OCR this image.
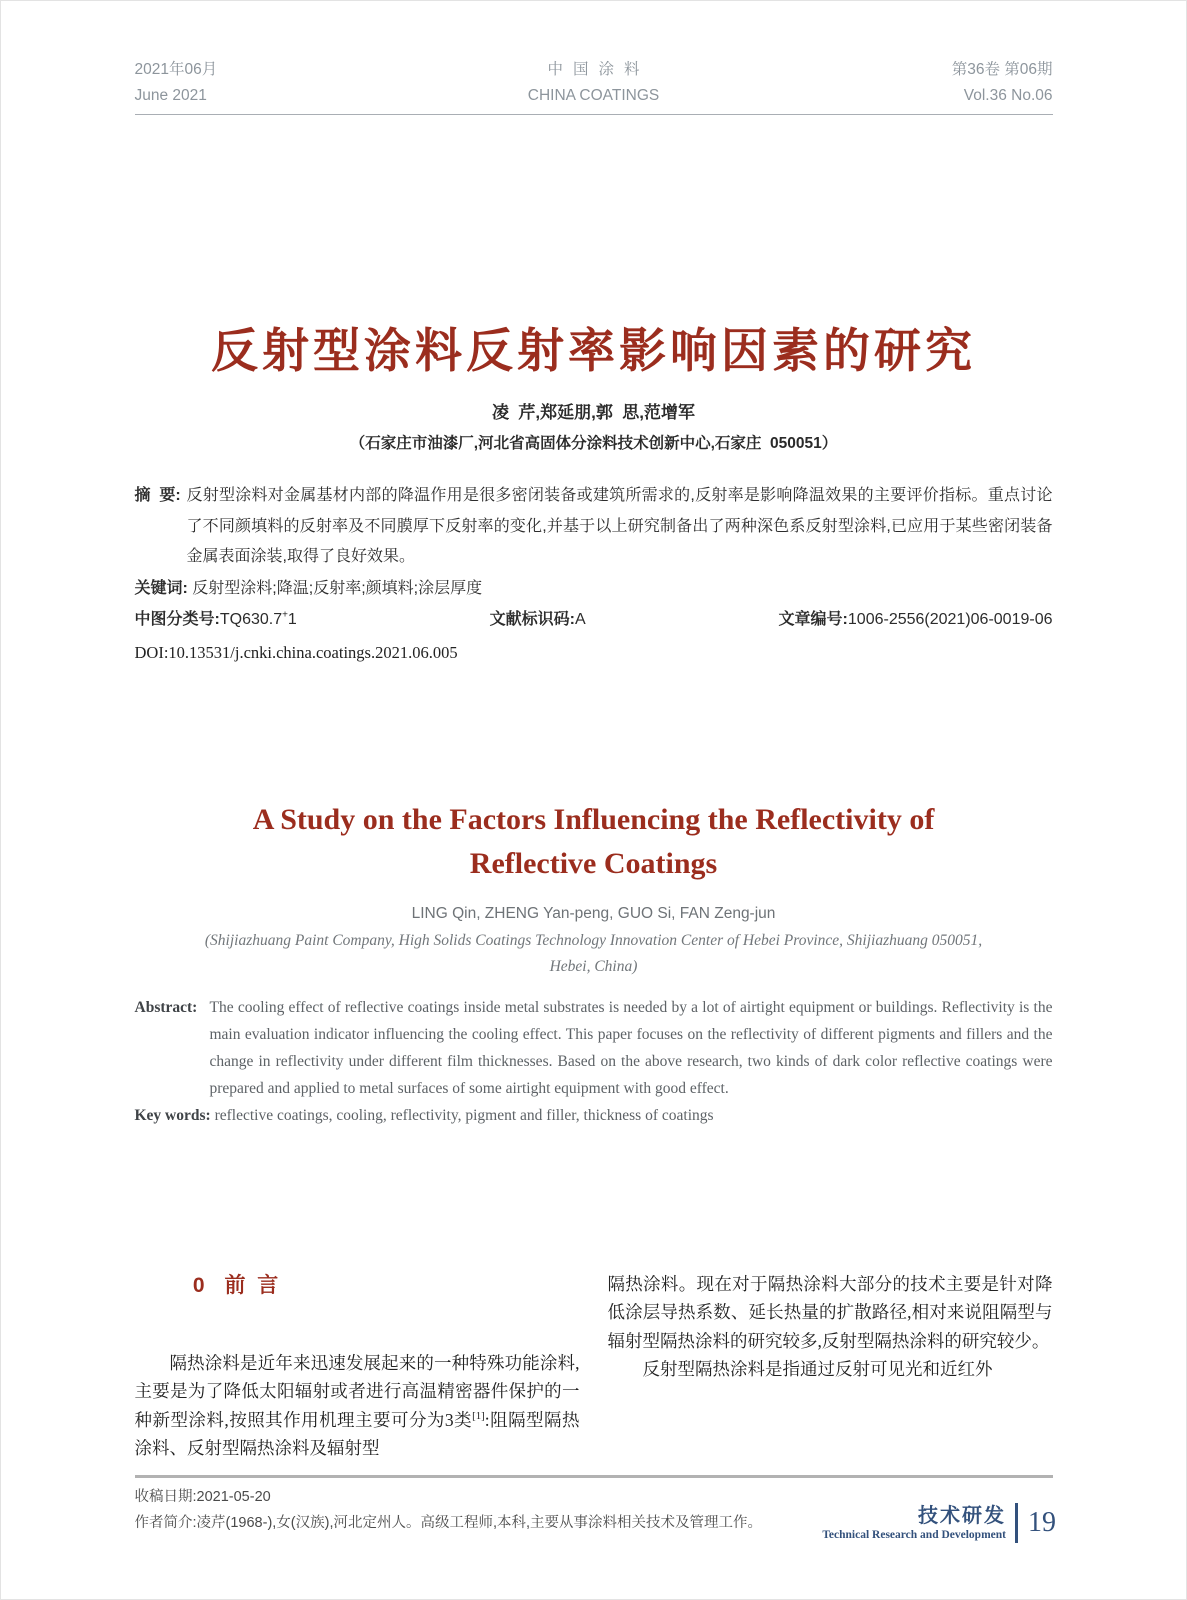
2021年06月
June 2021
中国涂料
CHINA COATINGS
第36卷 第06期
Vol.36 No.06
反射型涂料反射率影响因素的研究
凌  芹,郑延朋,郭  思,范增军
（石家庄市油漆厂,河北省高固体分涂料技术创新中心,石家庄  050051）

摘  要: 反射型涂料对金属基材内部的降温作用是很多密闭装备或建筑所需求的,反射率是影响降温效果的主要评价指标。重点讨论了不同颜填料的反射率及不同膜厚下反射率的变化,并基于以上研究制备出了两种深色系反射型涂料,已应用于某些密闭装备金属表面涂装,取得了良好效果。

关键词: 反射型涂料;降温;反射率;颜填料;涂层厚度

中图分类号:TQ630.7+1	文献标识码:A	文章编号:1006-2556(2021)06-0019-06
DOI:10.13531/j.cnki.china.coatings.2021.06.005
A Study on the Factors Influencing the Reflectivity of
Reflective Coatings
LING Qin, ZHENG Yan-peng, GUO Si, FAN Zeng-jun
(Shijiazhuang Paint Company, High Solids Coatings Technology Innovation Center of Hebei Province, Shijiazhuang 050051,
Hebei, China)

Abstract: The cooling effect of reflective coatings inside metal substrates is needed by a lot of airtight equipment or buildings. Reflectivity is the main evaluation indicator influencing the cooling effect. This paper focuses on the reflectivity of different pigments and fillers and the change in reflectivity under different film thicknesses. Based on the above research, two kinds of dark color reflective coatings were prepared and applied to metal surfaces of some airtight equipment with good effect.

Key words: reflective coatings, cooling, reflectivity, pigment and filler, thickness of coatings

0 前  言

隔热涂料是近年来迅速发展起来的一种特殊功能涂料,主要是为了降低太阳辐射或者进行高温精密器件保护的一种新型涂料,按照其作用机理主要可分为3类[1]:阻隔型隔热涂料、反射型隔热涂料及辐射型

隔热涂料。现在对于隔热涂料大部分的技术主要是针对降低涂层导热系数、延长热量的扩散路径,相对来说阻隔型与辐射型隔热涂料的研究较多,反射型隔热涂料的研究较少。

反射型隔热涂料是指通过反射可见光和近红外

收稿日期:2021-05-20
作者简介:凌芹(1968-),女(汉族),河北定州人。高级工程师,本科,主要从事涂料相关技术及管理工作。	技术研发
Technical Research and Development 19
